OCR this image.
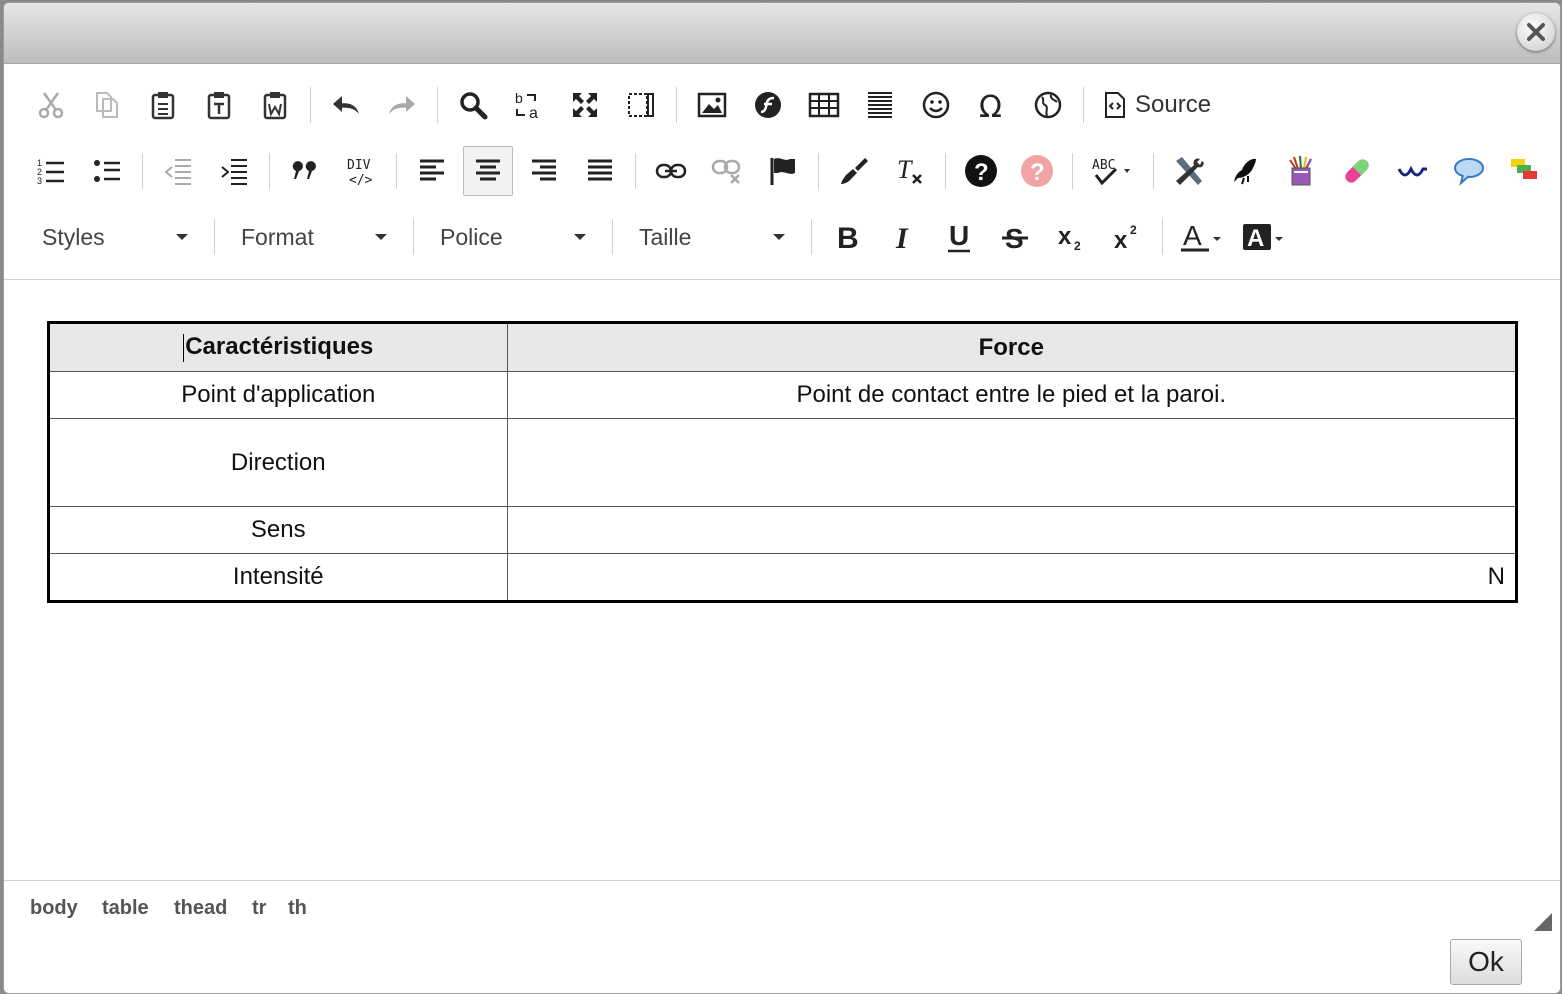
b
a	Ω	Source
1
2
3
DIV
</>	T	? ?	ABC
Styles	Format	Police	Taille	B I U S x 2 x 2 A A
Caractéristiques	Force
Point d'application	Point de contact entre le pied et la paroi.
Direction	
Sens	
Intensité	N
body table thead tr th
Ok
